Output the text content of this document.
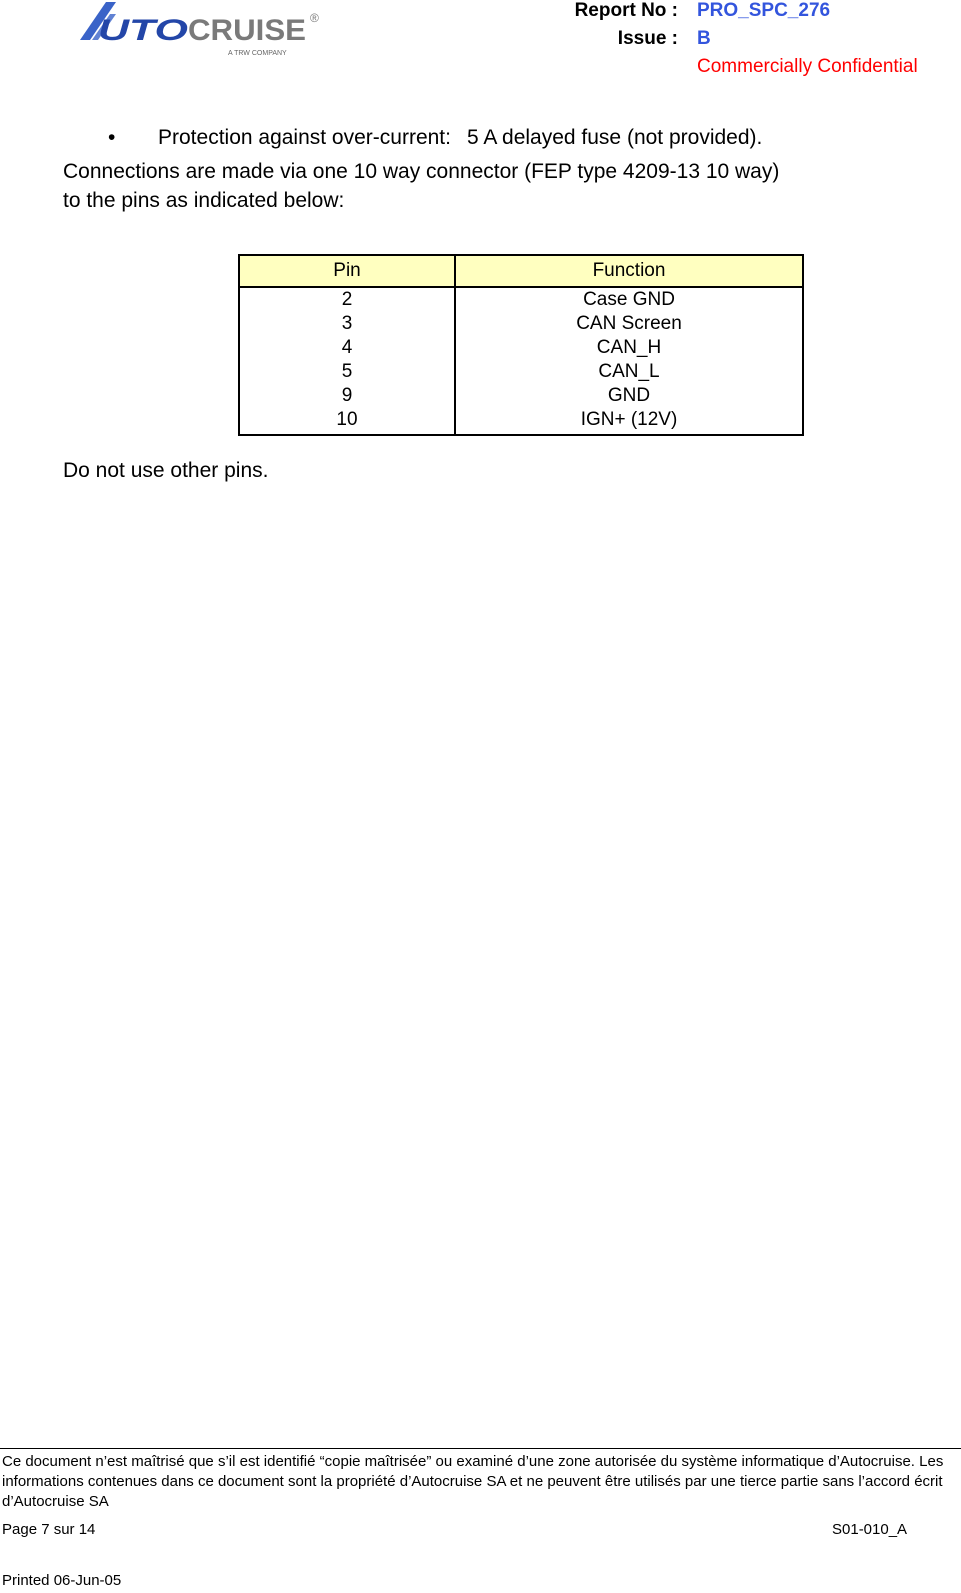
UTO CRUISE ®
A TRW COMPANY
Report No : PRO_SPC_276
Issue : B
Commercially Confidential
• Protection against over-current: 5 A delayed fuse (not provided).
Connections are made via one 10 way connector (FEP type 4209-13 10 way)
to the pins as indicated below:
Pin	Function
2	Case GND
3	CAN Screen
4	CAN_H
5	CAN_L
9	GND
10	IGN+ (12V)
Do not use other pins.
Ce document n’est maîtrisé que s’il est identifié “copie maîtrisée” ou examiné d’une zone autorisée du système informatique d’Autocruise. Les informations contenues dans ce document sont la propriété d’Autocruise SA et ne peuvent être utilisés par une tierce partie sans l’accord écrit d’Autocruise SA
Page 7 sur 14	S01-010_A
Printed 06-Jun-05
